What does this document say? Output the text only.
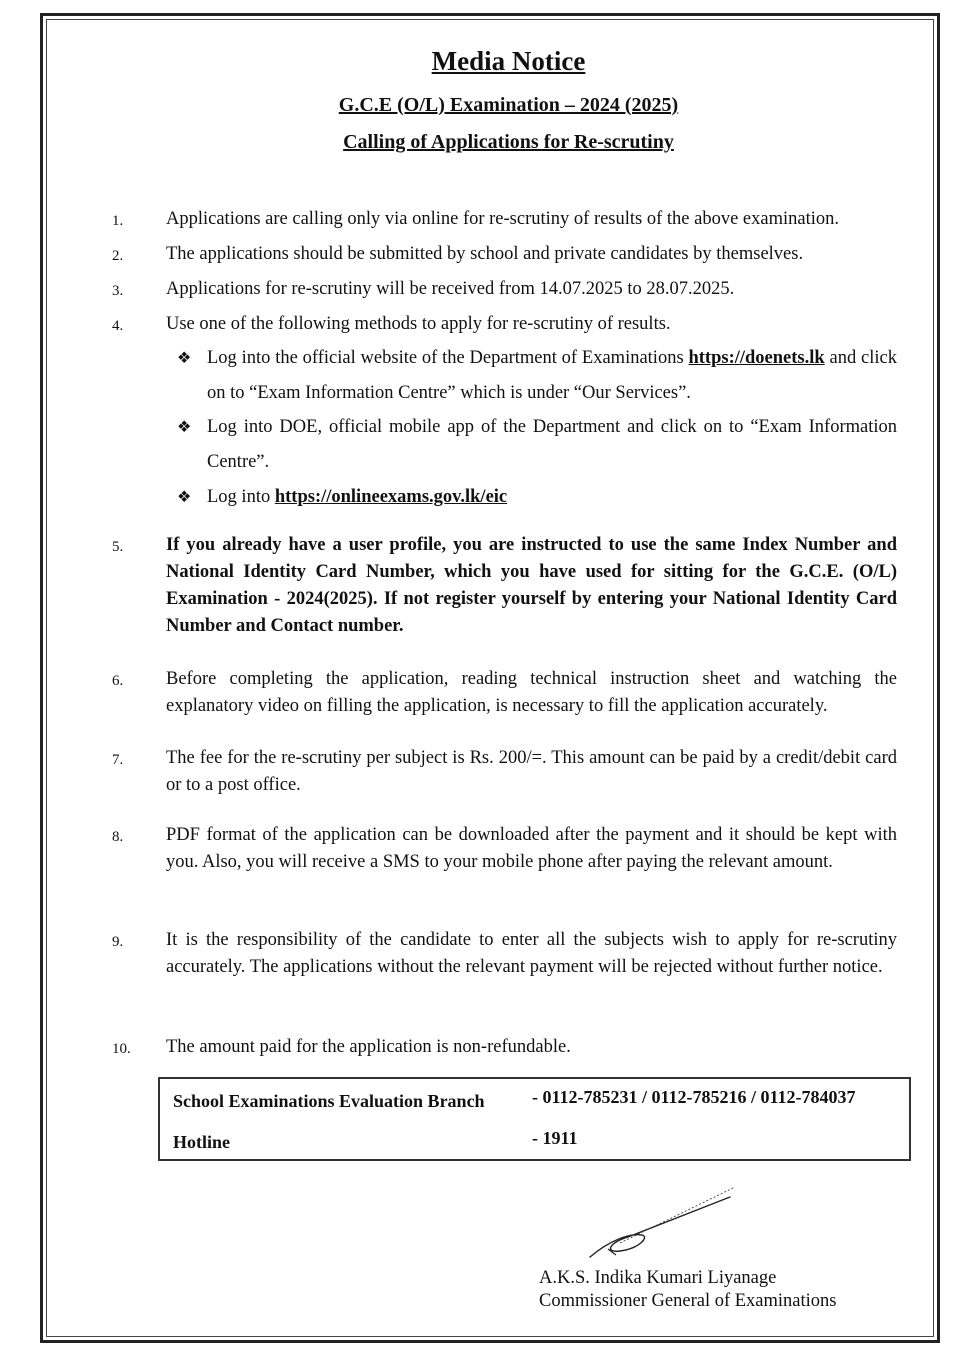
Media Notice
G.C.E (O/L) Examination – 2024 (2025)
Calling of Applications for Re-scrutiny
1.	Applications are calling only via online for re-scrutiny of results of the above examination.
2.	The applications should be submitted by school and private candidates by themselves.
3.	Applications for re-scrutiny will be received from 14.07.2025 to 28.07.2025.
4.	Use one of the following methods to apply for re-scrutiny of results.
❖ Log into the official website of the Department of Examinations https://doenets.lk and click on to “Exam Information Centre” which is under “Our Services”.
❖ Log into DOE, official mobile app of the Department and click on to “Exam Information Centre”.
❖ Log into https://onlineexams.gov.lk/eic
5.	If you already have a user profile, you are instructed to use the same Index Number and National Identity Card Number, which you have used for sitting for the G.C.E. (O/L) Examination - 2024(2025). If not register yourself by entering your National Identity Card Number and Contact number.
6.	Before completing the application, reading technical instruction sheet and watching the explanatory video on filling the application, is necessary to fill the application accurately.
7.	The fee for the re-scrutiny per subject is Rs. 200/=. This amount can be paid by a credit/debit card or to a post office.
8.	PDF format of the application can be downloaded after the payment and it should be kept with you. Also, you will receive a SMS to your mobile phone after paying the relevant amount.
9.	It is the responsibility of the candidate to enter all the subjects wish to apply for re-scrutiny accurately. The applications without the relevant payment will be rejected without further notice.
10.	The amount paid for the application is non-refundable.
School Examinations Evaluation Branch	- 0112-785231 / 0112-785216 / 0112-784037
Hotline	- 1911
A.K.S. Indika Kumari Liyanage
Commissioner General of Examinations
